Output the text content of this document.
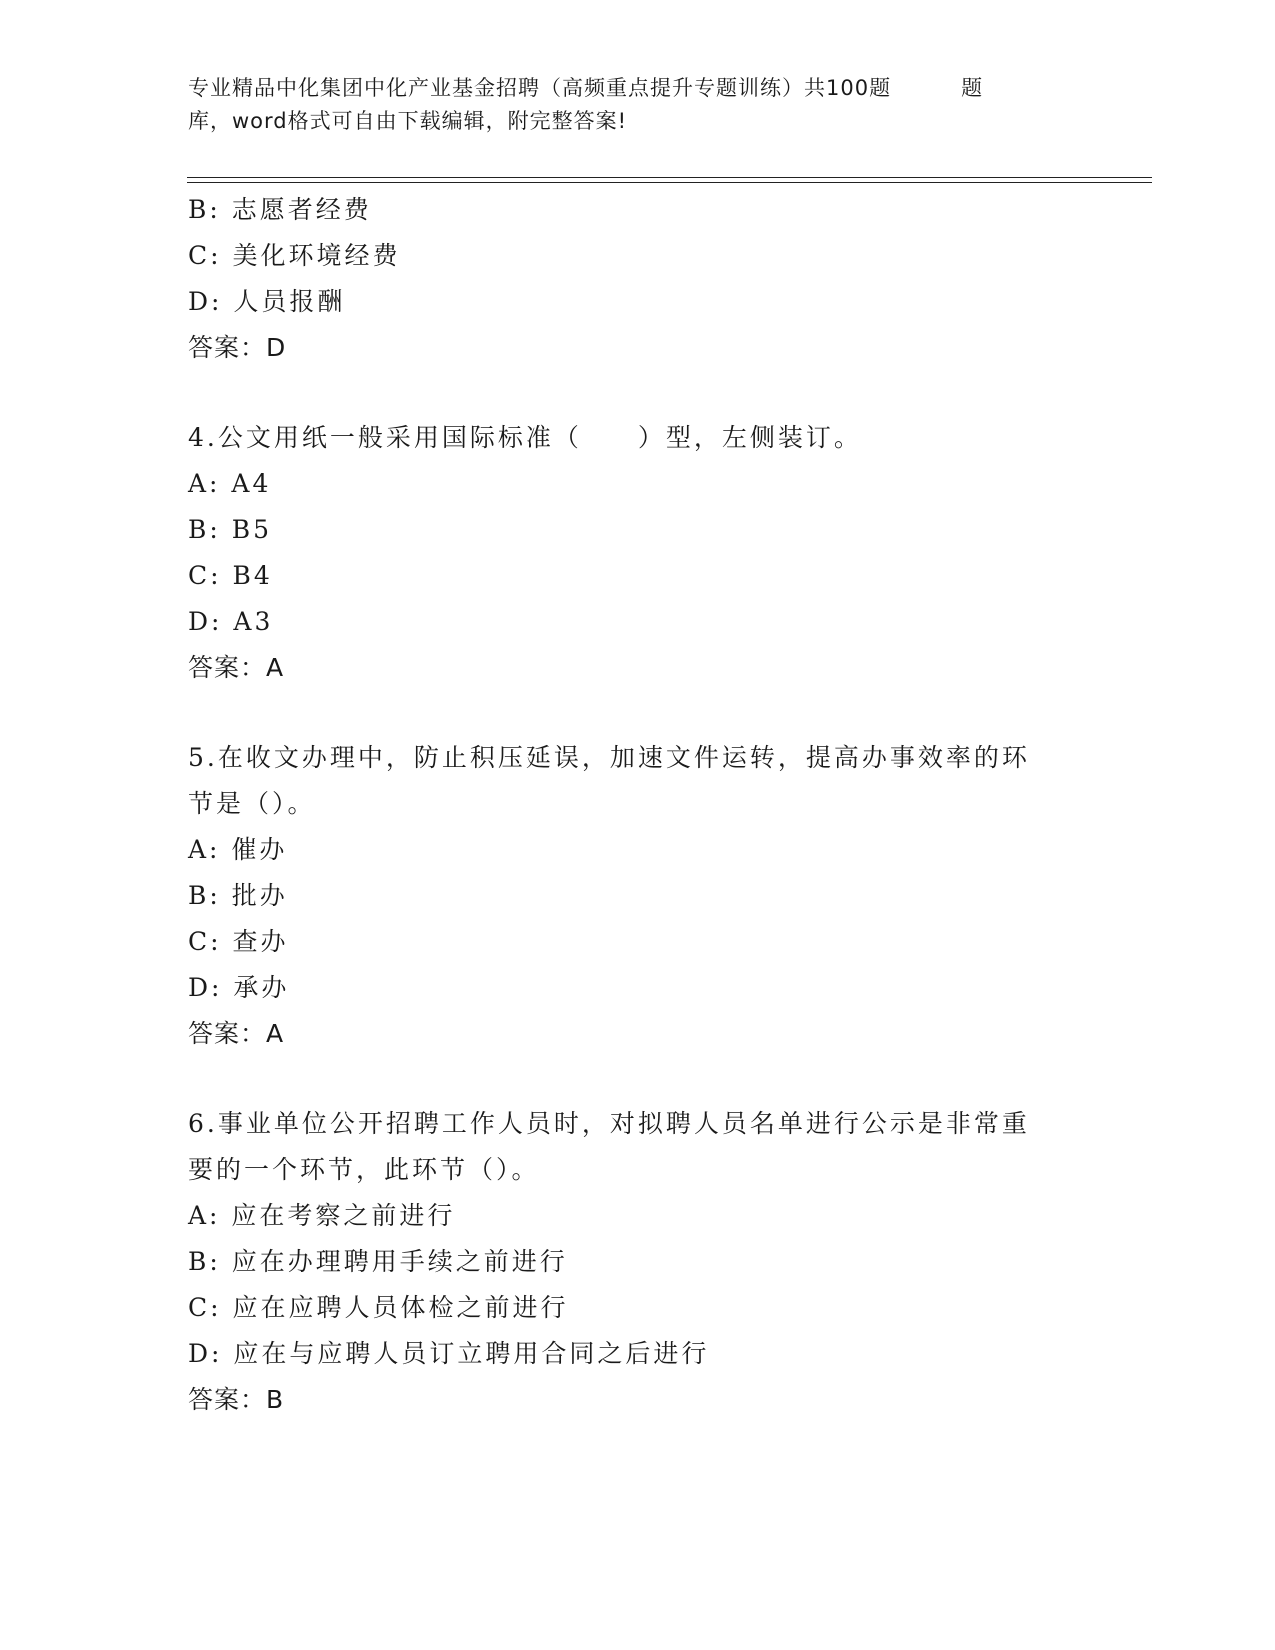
专业精品中化集团中化产业基金招聘（高频重点提升专题训练）共100题	题
库，word格式可自由下载编辑，附完整答案!
B: 志愿者经费
C: 美化环境经费
D: 人员报酬
答案：D
4.公文用纸一般采用国际标准（　　）型，左侧装订。
A: A4
B: B5
C: B4
D: A3
答案：A
5.在收文办理中，防止积压延误，加速文件运转，提高办事效率的环
节是（）。
A: 催办
B: 批办
C: 查办
D: 承办
答案：A
6.事业单位公开招聘工作人员时，对拟聘人员名单进行公示是非常重
要的一个环节，此环节（）。
A: 应在考察之前进行
B: 应在办理聘用手续之前进行
C: 应在应聘人员体检之前进行
D: 应在与应聘人员订立聘用合同之后进行
答案：B
